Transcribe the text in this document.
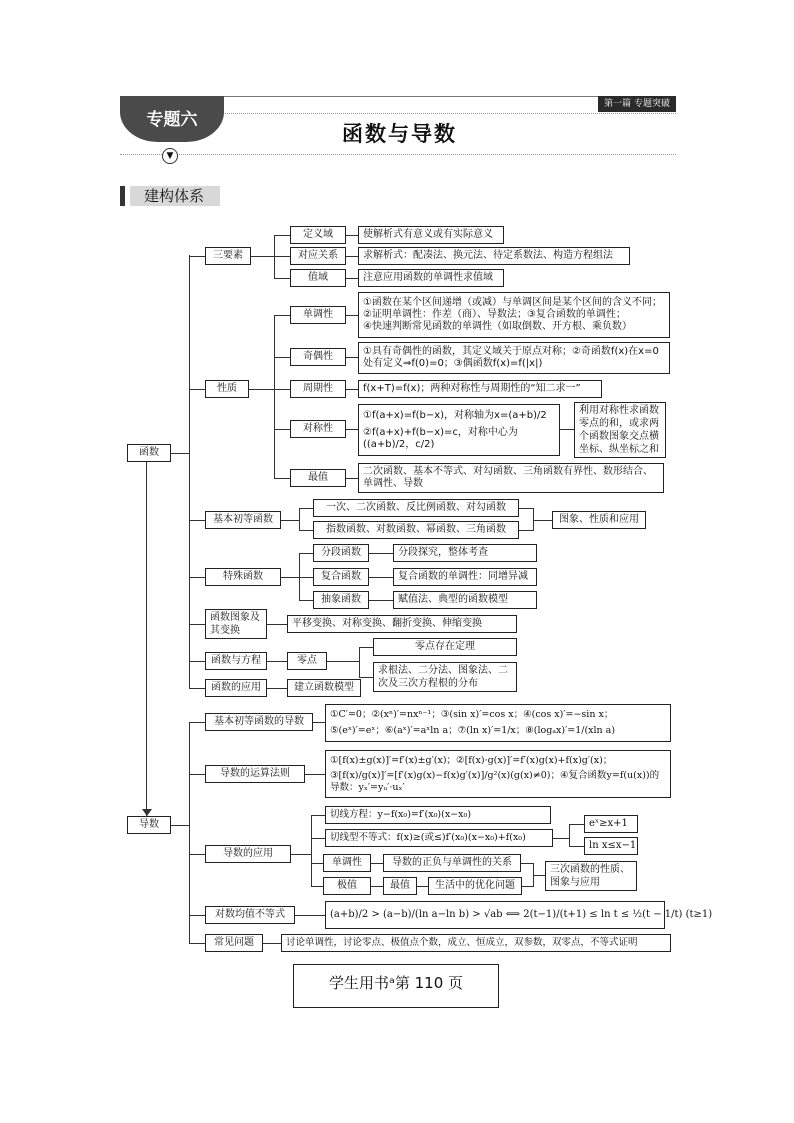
第一篇 专题突破
专题六
▼
函数与导数
建构体系
函数
三要素
定义域
对应关系
值域
使解析式有意义或有实际意义
求解析式：配凑法、换元法、待定系数法、构造方程组法
注意应用函数的单调性求值域
性质
单调性
奇偶性
周期性
对称性
最值
①函数在某个区间递增（或减）与单调区间是某个区间的含义不同；
②证明单调性：作差（商）、导数法；③复合函数的单调性；
④快速判断常见函数的单调性（如取倒数、开方根、乘负数）
①具有奇偶性的函数，其定义域关于原点对称；②奇函数f(x)在x=0
处有定义⇒f(0)=0；③偶函数f(x)=f(|x|)
f(x+T)=f(x)；两种对称性与周期性的“知二求一”
①f(a+x)=f(b−x)，对称轴为x=(a+b)/2
②f(a+x)+f(b−x)=c，对称中心为((a+b)/2，c/2)
利用对称性求函数零点的和，或求两个函数图象交点横坐标、纵坐标之和
二次函数、基本不等式、对勾函数、三角函数有界性、数形结合、
单调性、导数
基本初等函数
一次、二次函数、反比例函数、对勾函数
指数函数、对数函数、幂函数、三角函数
图象、性质和应用
特殊函数
分段函数
复合函数
抽象函数
分段探究，整体考查
复合函数的单调性：同增异减
赋值法、典型的函数模型
函数图象及其变换
平移变换、对称变换、翻折变换、伸缩变换
函数与方程	零点
零点存在定理
求根法、二分法、图象法、二次及三次方程根的分布
函数的应用	建立函数模型
导数
基本初等函数的导数
①C′=0；②(xⁿ)′=nxⁿ⁻¹；③(sin x)′=cos x；④(cos x)′=−sin x；
⑤(eˣ)′=eˣ；⑥(aˣ)′=aˣln a；⑦(ln x)′=1/x；⑧(logₐx)′=1/(xln a)
导数的运算法则
①[f(x)±g(x)]′=f′(x)±g′(x)；②[f(x)·g(x)]′=f′(x)g(x)+f(x)g′(x)；
③[f(x)/g(x)]′=[f′(x)g(x)−f(x)g′(x)]/g²(x)(g(x)≠0)；④复合函数y=f(u(x))的导数：yₓ′=yᵤ′·uₓ′
导数的应用
切线方程：y−f(x₀)=f′(x₀)(x−x₀)
切线型不等式：f(x)≥(或≤)f′(x₀)(x−x₀)+f(x₀)
eˣ≥x+1
ln x≤x−1
单调性	导数的正负与单调性的关系
极值	最值	生活中的优化问题
三次函数的性质、图象与应用
对数均值不等式	(a+b)/2 > (a−b)/(ln a−ln b) > √ab ⟺ 2(t−1)/(t+1) ≤ ln t ≤ ½(t − 1/t) (t≥1)
常见问题	讨论单调性，讨论零点、极值点个数，成立、恒成立，双参数，双零点，不等式证明
学生用书ᵃ第 110 页
